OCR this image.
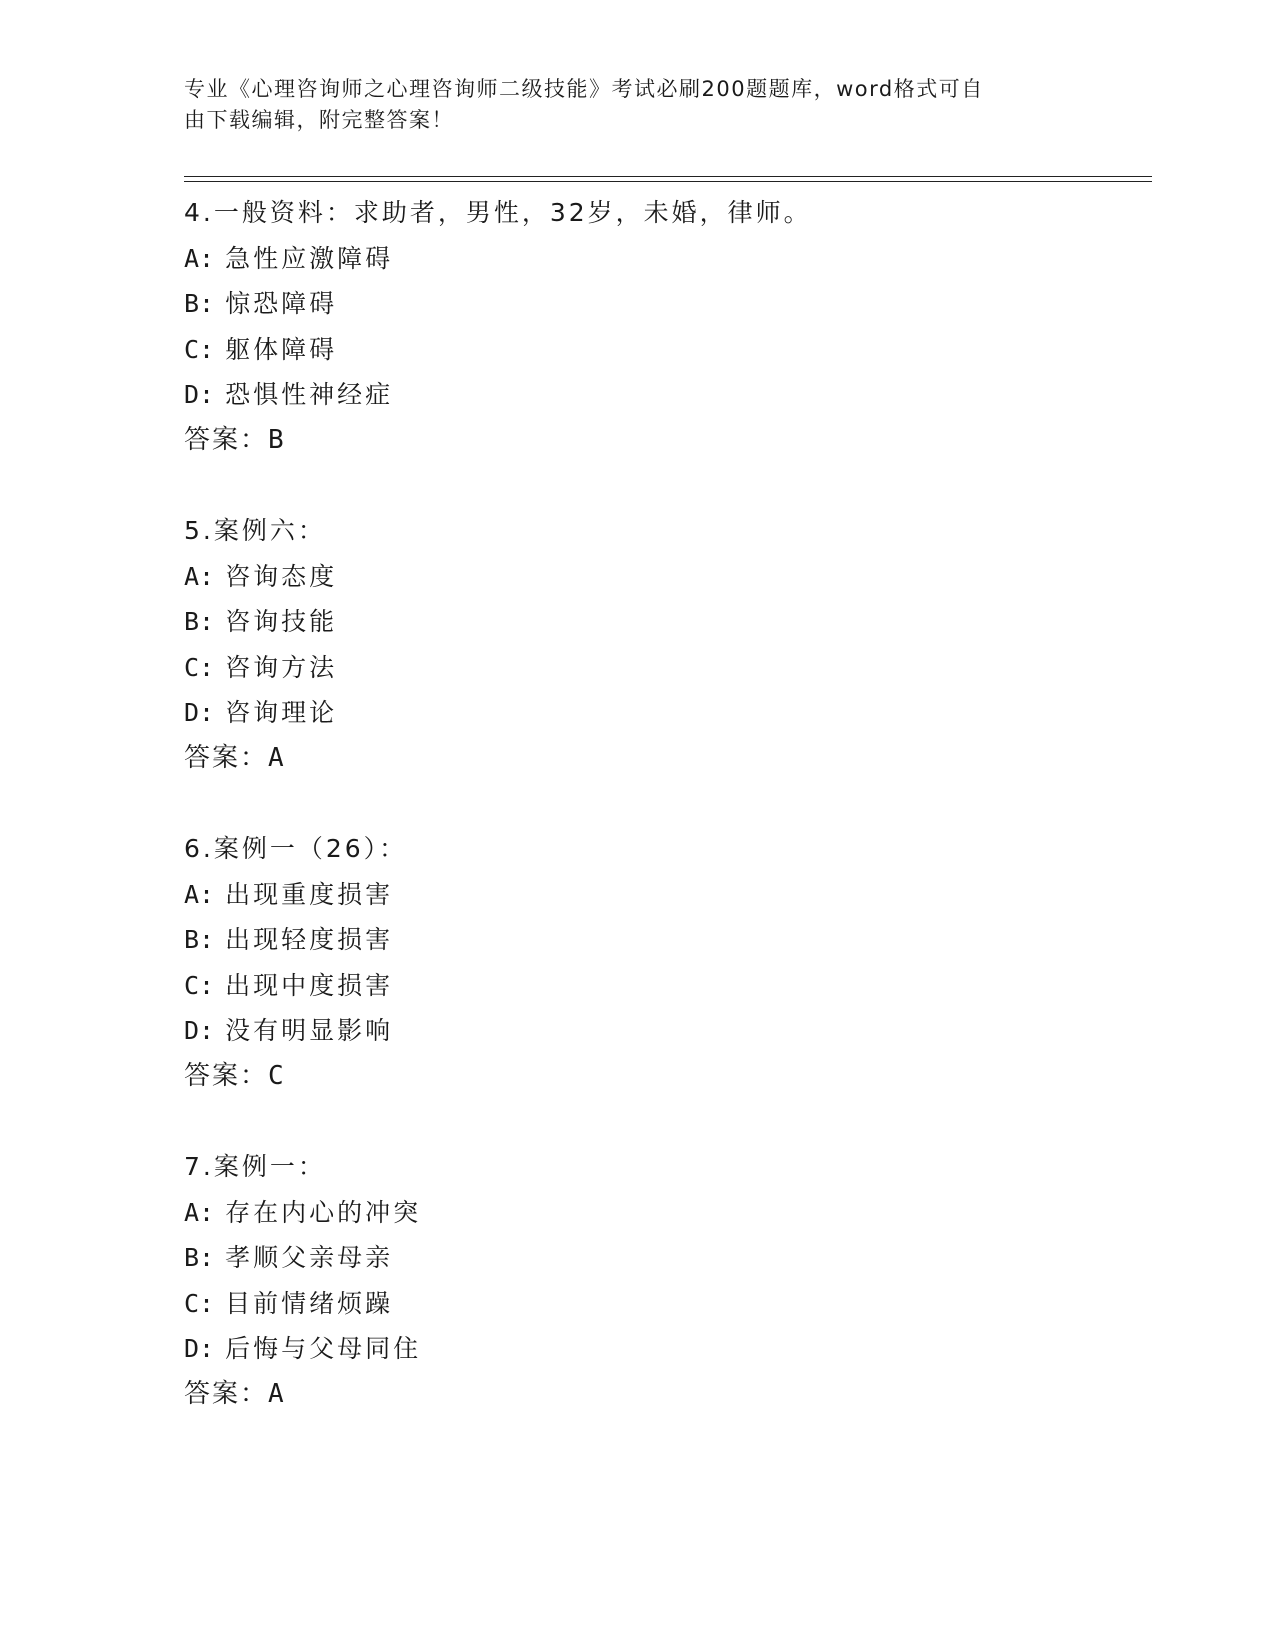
专业《心理咨询师之心理咨询师二级技能》考试必刷200题题库，word格式可自
由下载编辑，附完整答案！
4.一般资料：求助者，男性，32岁，未婚，律师。
A: 急性应激障碍
B: 惊恐障碍
C: 躯体障碍
D: 恐惧性神经症
答案：B
5.案例六：
A: 咨询态度
B: 咨询技能
C: 咨询方法
D: 咨询理论
答案：A
6.案例一（26）：
A: 出现重度损害
B: 出现轻度损害
C: 出现中度损害
D: 没有明显影响
答案：C
7.案例一：
A: 存在内心的冲突
B: 孝顺父亲母亲
C: 目前情绪烦躁
D: 后悔与父母同住
答案：A
